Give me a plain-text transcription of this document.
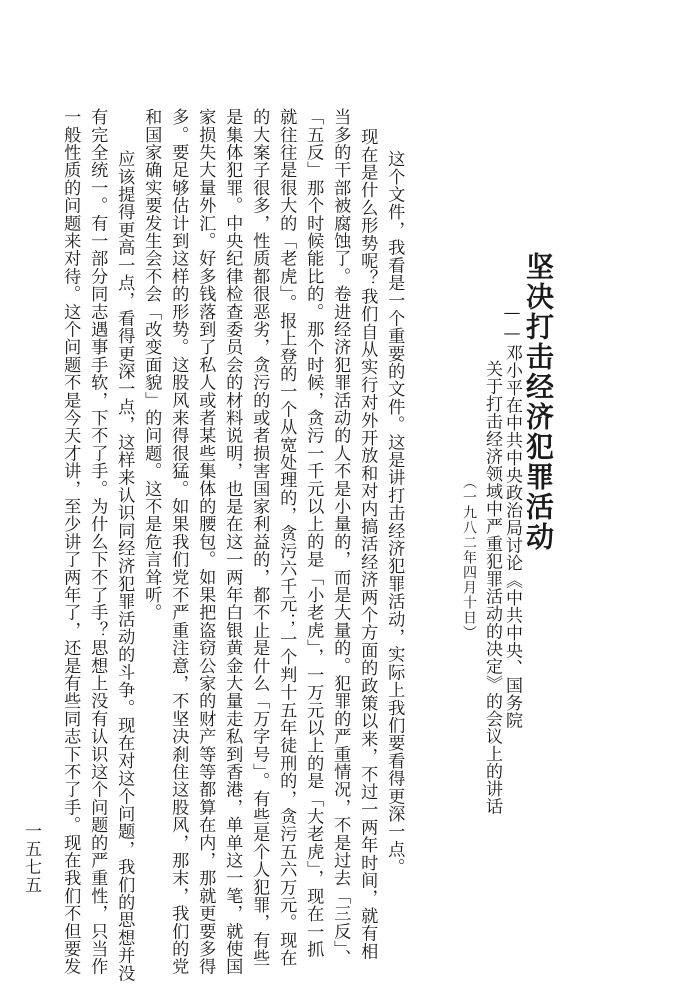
坚决打击经济犯罪活动
——邓小平在中共中央政治局讨论《中共中央、国务院
关于打击经济领域中严重犯罪活动的决定》的会议上的讲话
（一九八二年四月十日）
这个文件，我看是一个重要的文件。这是讲打击经济犯罪活动，实际上我们要看得更深一点。
现在是什么形势呢？我们自从实行对外开放和对内搞活经济两个方面的政策以来，不过一两年时间，就有相
当多的干部被腐蚀了。卷进经济犯罪活动的人不是小量的，而是大量的。犯罪的严重情况，不是过去「三反」、
「五反」那个时候能比的。那个时候，贪污一千元以上的是「小老虎」，一万元以上的是「大老虎」，现在一抓
就往往是很大的「老虎」。报上登的一个从宽处理的，贪污六千元；一个判十五年徒刑的，贪污五六万元。现在
的大案子很多，性质都很恶劣，贪污的或者损害国家利益的，都不止是什么「万字号」。有些是个人犯罪，有些
是集体犯罪。中央纪律检查委员会的材料说明，也是在这一两年白银黄金大量走私到香港，单单这一笔，就使国
家损失大量外汇。好多钱落到了私人或者某些集体的腰包。如果把盗窃公家的财产等等都算在内，那就更要多得
多。要足够估计到这样的形势。这股风来得很猛。如果我们党不严重注意，不坚决刹住这股风，那末，我们的党
和国家确实要发生会不会「改变面貌」的问题。这不是危言耸听。
应该提得更高一点，看得更深一点，这样来认识同经济犯罪活动的斗争。现在对这个问题，我们的思想并没
有完全统一。有一部分同志遇事手软，下不了手。为什么下不了手？思想上没有认识这个问题的严重性，只当作
一般性质的问题来对待。这个问题不是今天才讲，至少讲了两年了，还是有些同志下不了手。现在我们不但要发
一五七五
